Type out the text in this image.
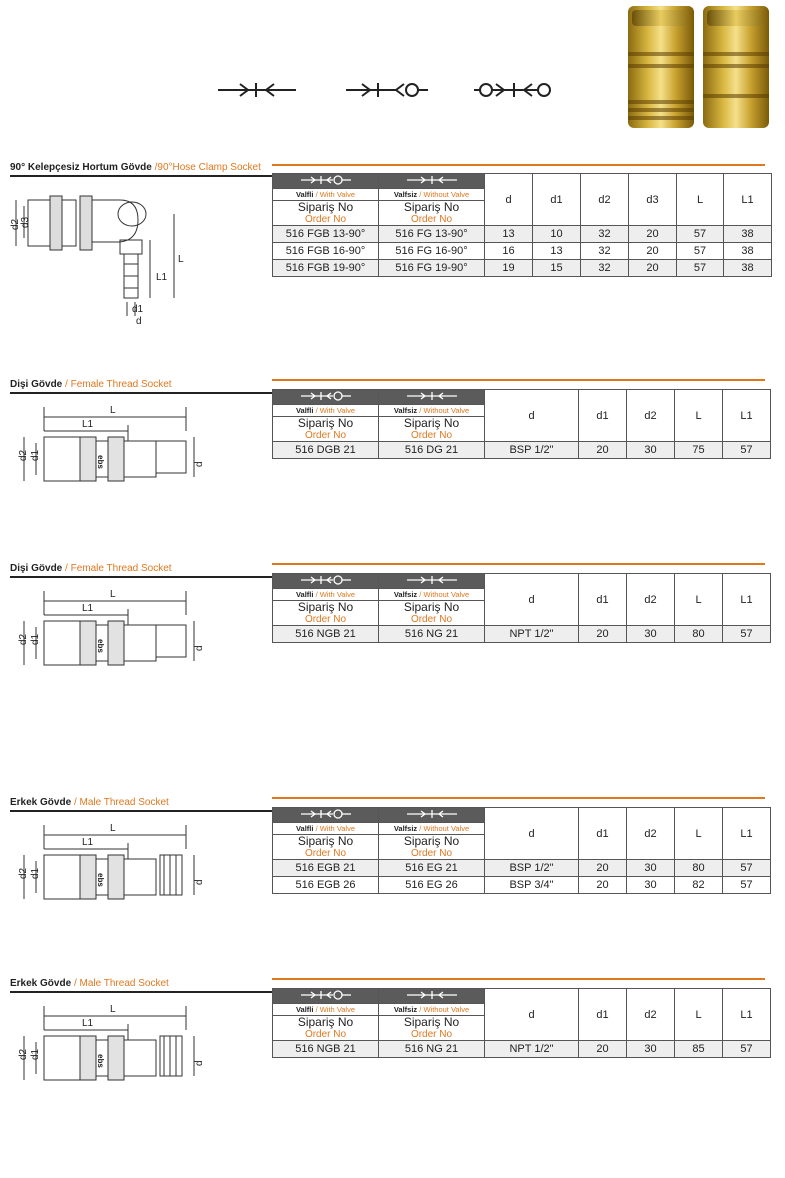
90° Kelepçesiz Hortum Gövde /90°Hose Clamp Socket
		d	d1	d2	d3	L	L1
Valfli / With Valve	Valfsiz / Without Valve						
Sipariş No
Order No	Sipariş No
Order No						
516 FGB 13-90°	516 FG 13-90°	13	10	32	20	57	38
516 FGB 16-90°	516 FG 16-90°	16	13	32	20	57	38
516 FGB 19-90°	516 FG 19-90°	19	15	32	20	57	38
d2 d3
L
L1
d1
d
Dişi Gövde / Female Thread Socket
		d	d1	d2	L	L1
Valfli / With Valve	Valfsiz / Without Valve					
Sipariş No
Order No	Sipariş No
Order No					
516 DGB 21	516 DG 21	BSP 1/2"	20	30	75	57
L
L1
d2 d1
d
ebs
Dişi Gövde / Female Thread Socket
		d	d1	d2	L	L1
Valfli / With Valve	Valfsiz / Without Valve					
Sipariş No
Order No	Sipariş No
Order No					
516 NGB 21	516 NG 21	NPT 1/2"	20	30	80	57
L
L1
d2 d1
d
ebs
Erkek Gövde / Male Thread Socket
		d	d1	d2	L	L1
Valfli / With Valve	Valfsiz / Without Valve					
Sipariş No
Order No	Sipariş No
Order No					
516 EGB 21	516 EG 21	BSP 1/2"	20	30	80	57
516 EGB 26	516 EG 26	BSP 3/4"	20	30	82	57
L
L1
d2 d1
d
ebs
Erkek Gövde / Male Thread Socket
		d	d1	d2	L	L1
Valfli / With Valve	Valfsiz / Without Valve					
Sipariş No
Order No	Sipariş No
Order No					
516 NGB 21	516 NG 21	NPT 1/2"	20	30	85	57
L
L1
d2 d1
d
ebs
